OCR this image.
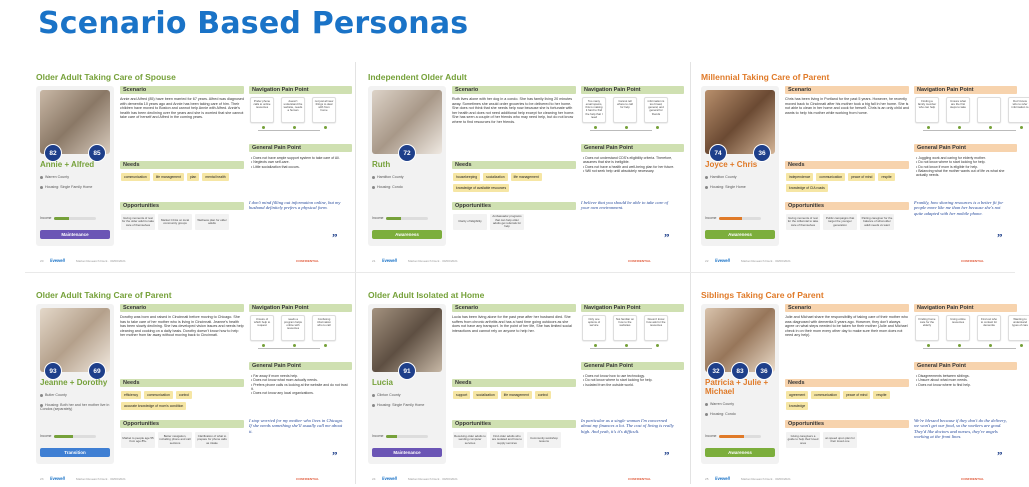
Scenario Based Personas
Older Adult Taking Care of Spouse
82	85
Annie + Alfred
Warren County
Housing: Single Family Home
Income
Maintenance
Scenario
Annie and Alfred (85) have been married for 67 years. Alfred was diagnosed with dementia 10 years ago and Annie has been taking care of him. Their children have moved to Boston and cannot help Annie with Alfred. Annie's health has been declining over the years and she is worried that she cannot take care of herself and Alfred in the coming years.
Navigation Pain Point
Prefer phone calls to online resources
doesn't understand the website, needs a human
not just all new things to deal with from home
Needs
communication	life management	plan	mental health
General Pain Point
• Does not have ample support system to take care of Ali.
• Neglects own self-care.
• Little socialization that occurs.
Opportunities
Giving moments of rest for the older adult to take care of themselves
Market CCAs on local community groups
Wellness plan for older adults
I don't mind filling out information online, but my husband definitely prefers a physical form.
”
20 livewell	Market Research Deck · 00/00/2021	CONFIDENTIAL
Independent Older Adult
72
Ruth
Hamilton County
Housing: Condo
Income
Awareness
Scenario
Ruth lives alone with her dog in a condo. She has family living 20 minutes away. Sometimes she would order groceries to be delivered to her home. She does not think that she needs help now because she is fortunate with her health and does not need additional help except for cleaning her home. She has seen a couple of her friends who may need help, but do not know where to find resources for her friends.
Navigation Pain Point
Too many email spams, this is making it hard to find the help that I need
Cannot tell where to call for help
information is too broad, general, and general for friends
Needs
housekeeping	socialization	life management
knowledge of available resources
General Pain Point
• Does not understand CDS's eligibility criteria. Therefore, assumes that she is ineligible.
• Does not have a health and well-being plan for her future.
• Will not seek help until absolutely necessary.
Opportunities
Clarity of Eligibility
Ambassador programs that can help older adults get referrals for help
I believe that you should be able to take care of your own environment.
”
21 livewell	Market Research Deck · 00/00/2021	CONFIDENTIAL
Millennial Taking Care of Parent
74	36
Joyce + Chris
Hamilton County
Housing: Single Home
Income
Awareness
Scenario
Chris has been living in Portland for the past 5 years. However, he recently moved back to Cincinnati after his mother took a big fall in her home. She is not able to clean in her home and cook for herself. Chris is an only child and wants to help his mother while working from home.
Navigation Pain Point
Finding a family member who can help
Unsure what are the first steps to take
Don't know who to refer information to
Needs
independence	communication	peace of mind	respite
knowledge of CIA roads
General Pain Point
• Juggling work and caring for elderly mother.
• Do not know where to start looking for help.
• Do not know if mom is eligible for help.
• Balancing what the mother wants out of life vs what she actually needs.
Opportunities
Giving moments of rest for the millennial to take care of themselves
Public campaigns that target the younger generation
Pairing caregiver for the balance of what older adult needs vs want
Frankly, how sharing resources is a better fit for people more like me than her because she's not quite adapted with her mobile phone.
”
22 livewell	Market Research Deck · 00/00/2021	CONFIDENTIAL
Older Adult Taking Care of Parent
93	69
Jeanne + Dorothy
Butler County
Housing: Both her and her mother live in Condos (separately)
Income
Transition
Scenario
Dorothy was born and raised in Cincinnati before moving to Chicago. She has to take care of her mother who is living in Cincinnati. Jeanne's health has been slowly declining. She has developed vision issues and needs help cleaning and cooking on a daily basis. Dorothy doesn't know how to help her mother from far away without moving back to Cincinnati.
Navigation Pain Point
Unsure of which help to request
needs a program helps online with resources
Confusing information who to call
Needs
efficiency	communication	control
accurate knowledge of mom's condition
General Pain Point
• Far away if mom needs help.
• Does not know what mom actually needs.
• Prefers phone calls vs looking at the website and do not trust it.
• Does not know any local organizations.
Opportunities
Market to people age 55 from age 85+
Better navigation, including phone and call sections
Clarification of what to prepare for phone calls as intake
I stop worried for my mother who lives in Chicago. If she needs something she'll usually call me about it.
”
23 livewell	Market Research Deck · 00/00/2021	CONFIDENTIAL
Older Adult Isolated at Home
91
Lucia
Clinton County
Housing: Single Family Home
Income
Maintenance
Scenario
Lucia has been living alone for the past year after her husband died. She suffers from chronic arthritis and has a hard time going outdoors as she does not have any transport. In the point of her life, She has limited social interactions and cannot rely on anyone to help her.
Navigation Pain Point
Only one options of service
Not familiar on how to the websites
Doesn't know how ask for the resources
Needs
support	socialization	life management	control
General Pain Point
• Does not know how to use technology.
• Do not know where to start looking for help.
• Isolated from the outside world.
Opportunities
Receiving older adults to sending computer services
Find older adults who are isolated and how to supply services
Community workshop lessons
In particular as a single woman I'm concerned about my finances a lot. The cost of living is really high. And yeah, it's it's difficult.
”
24 livewell	Market Research Deck · 00/00/2021	CONFIDENTIAL
Siblings Taking Care of Parent
32	83	36
Patricia + Julie + Michael
Warren County
Housing: Condo
Income
Awareness
Scenario
Julie and Michael share the responsibility of taking care of their mother who was diagnosed with dementia 5 years ago. However, they don't always agree on what steps needed to be taken for their mother (Julie and Michael check in on their mom every other day to make sure their mom does not need any help).
Navigation Pain Point
Finding home care for the elderly
Using online resources
Find out who to contact for dementia
Wanting to understand types of care
Needs
agreement	communication	peace of mind	respite
knowledge
General Pain Point
• Disagreements between siblings.
• Unsure about what mom needs.
• Does not know where to find help.
Opportunities
Giving caregivers a guide to help their loved ones
an speed upon plan for their loved one
We're blessed because if they don't do the delivery, we won't get our food, so the workers are good. They'd like doctors and nurses, they're angels working at the front lines.
”
25 livewell	Market Research Deck · 00/00/2021	CONFIDENTIAL
